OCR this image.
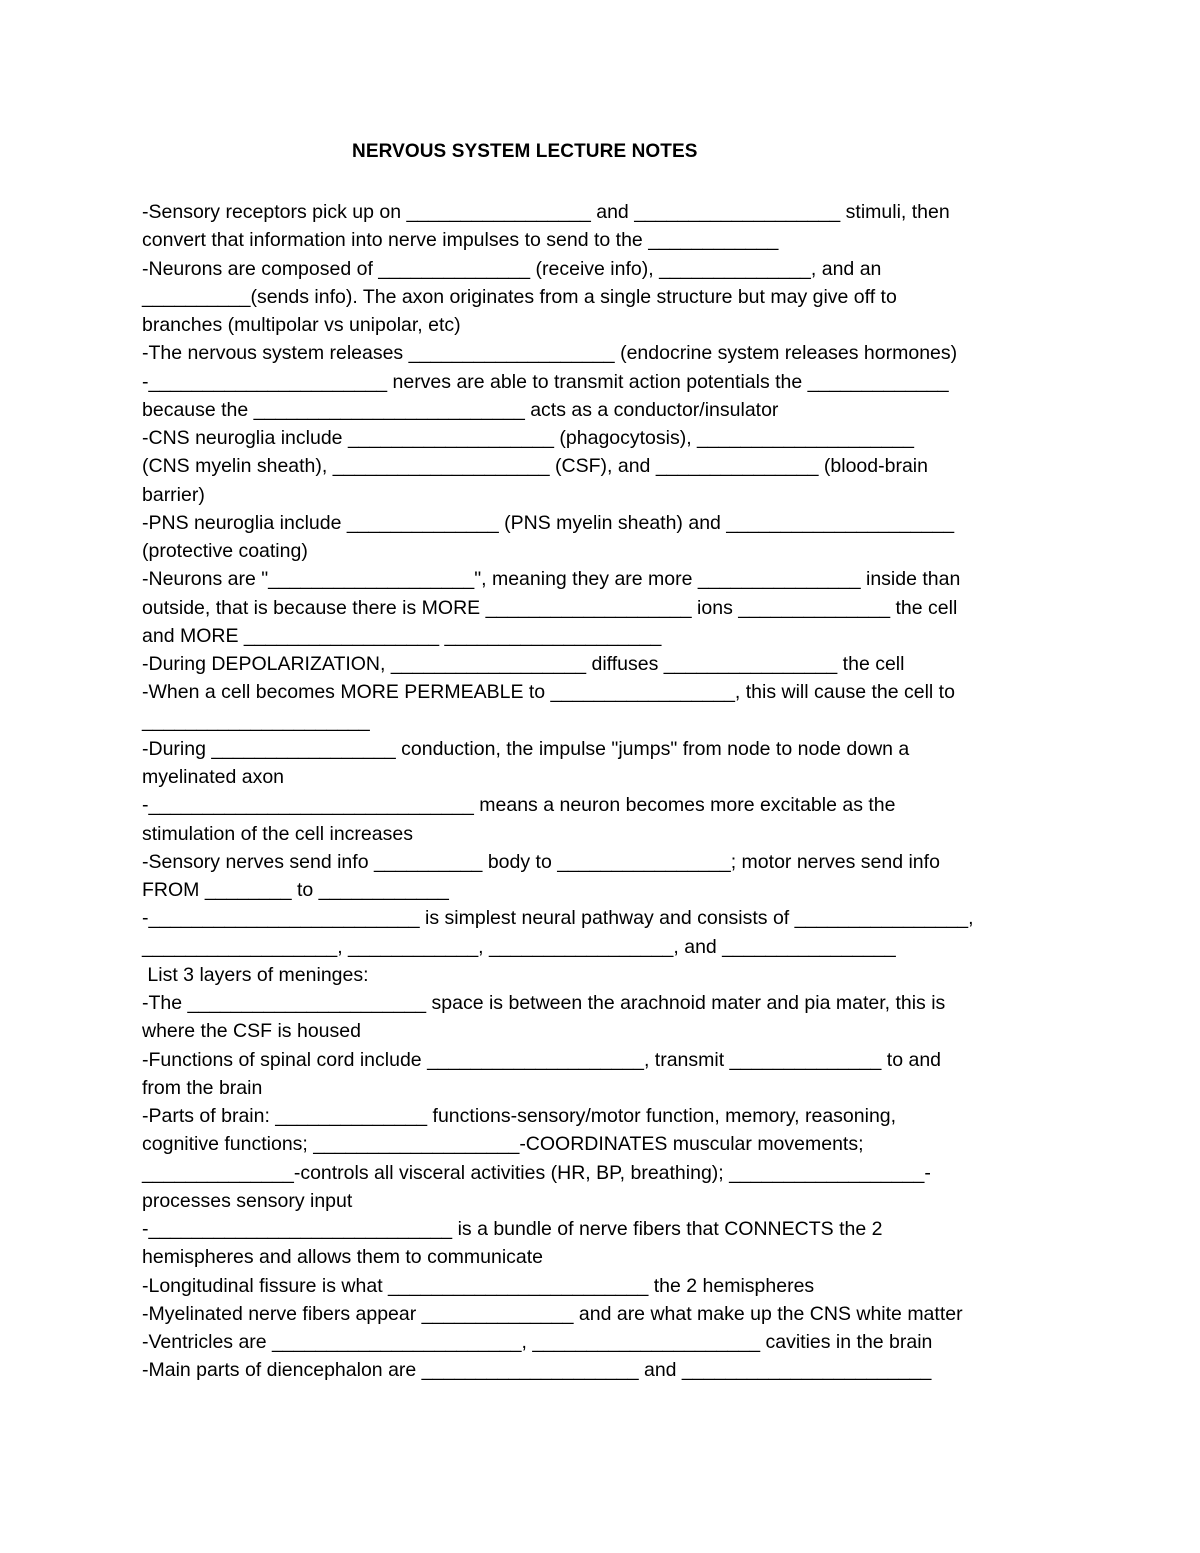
NERVOUS SYSTEM LECTURE NOTES
-Sensory receptors pick up on _________________ and ___________________ stimuli, then
convert that information into nerve impulses to send to the ____________
-Neurons are composed of ______________ (receive info), ______________, and an
__________(sends info). The axon originates from a single structure but may give off to
branches (multipolar vs unipolar, etc)
-The nervous system releases ___________________ (endocrine system releases hormones)
-______________________ nerves are able to transmit action potentials the _____________
because the _________________________ acts as a conductor/insulator
-CNS neuroglia include ___________________ (phagocytosis), ____________________
(CNS myelin sheath), ____________________ (CSF), and _______________ (blood-brain
barrier)
-PNS neuroglia include ______________ (PNS myelin sheath) and _____________________
(protective coating)
-Neurons are "___________________", meaning they are more _______________ inside than
outside, that is because there is MORE ___________________ ions ______________ the cell
and MORE __________________ ____________________
-During DEPOLARIZATION, __________________ diffuses ________________ the cell
-When a cell becomes MORE PERMEABLE to _________________, this will cause the cell to
_____________________
-During _________________ conduction, the impulse "jumps" from node to node down a
myelinated axon
-______________________________ means a neuron becomes more excitable as the
stimulation of the cell increases
-Sensory nerves send info __________ body to ________________; motor nerves send info
FROM ________ to ____________
-_________________________ is simplest neural pathway and consists of ________________,
__________________, ____________, _________________, and ________________
List 3 layers of meninges:
-The ______________________ space is between the arachnoid mater and pia mater, this is
where the CSF is housed
-Functions of spinal cord include ____________________, transmit ______________ to and
from the brain
-Parts of brain: ______________ functions-sensory/motor function, memory, reasoning,
cognitive functions; ___________________-COORDINATES muscular movements;
______________-controls all visceral activities (HR, BP, breathing); __________________-
processes sensory input
-____________________________ is a bundle of nerve fibers that CONNECTS the 2
hemispheres and allows them to communicate
-Longitudinal fissure is what ________________________ the 2 hemispheres
-Myelinated nerve fibers appear ______________ and are what make up the CNS white matter
-Ventricles are _______________________, _____________________ cavities in the brain
-Main parts of diencephalon are ____________________ and _______________________
